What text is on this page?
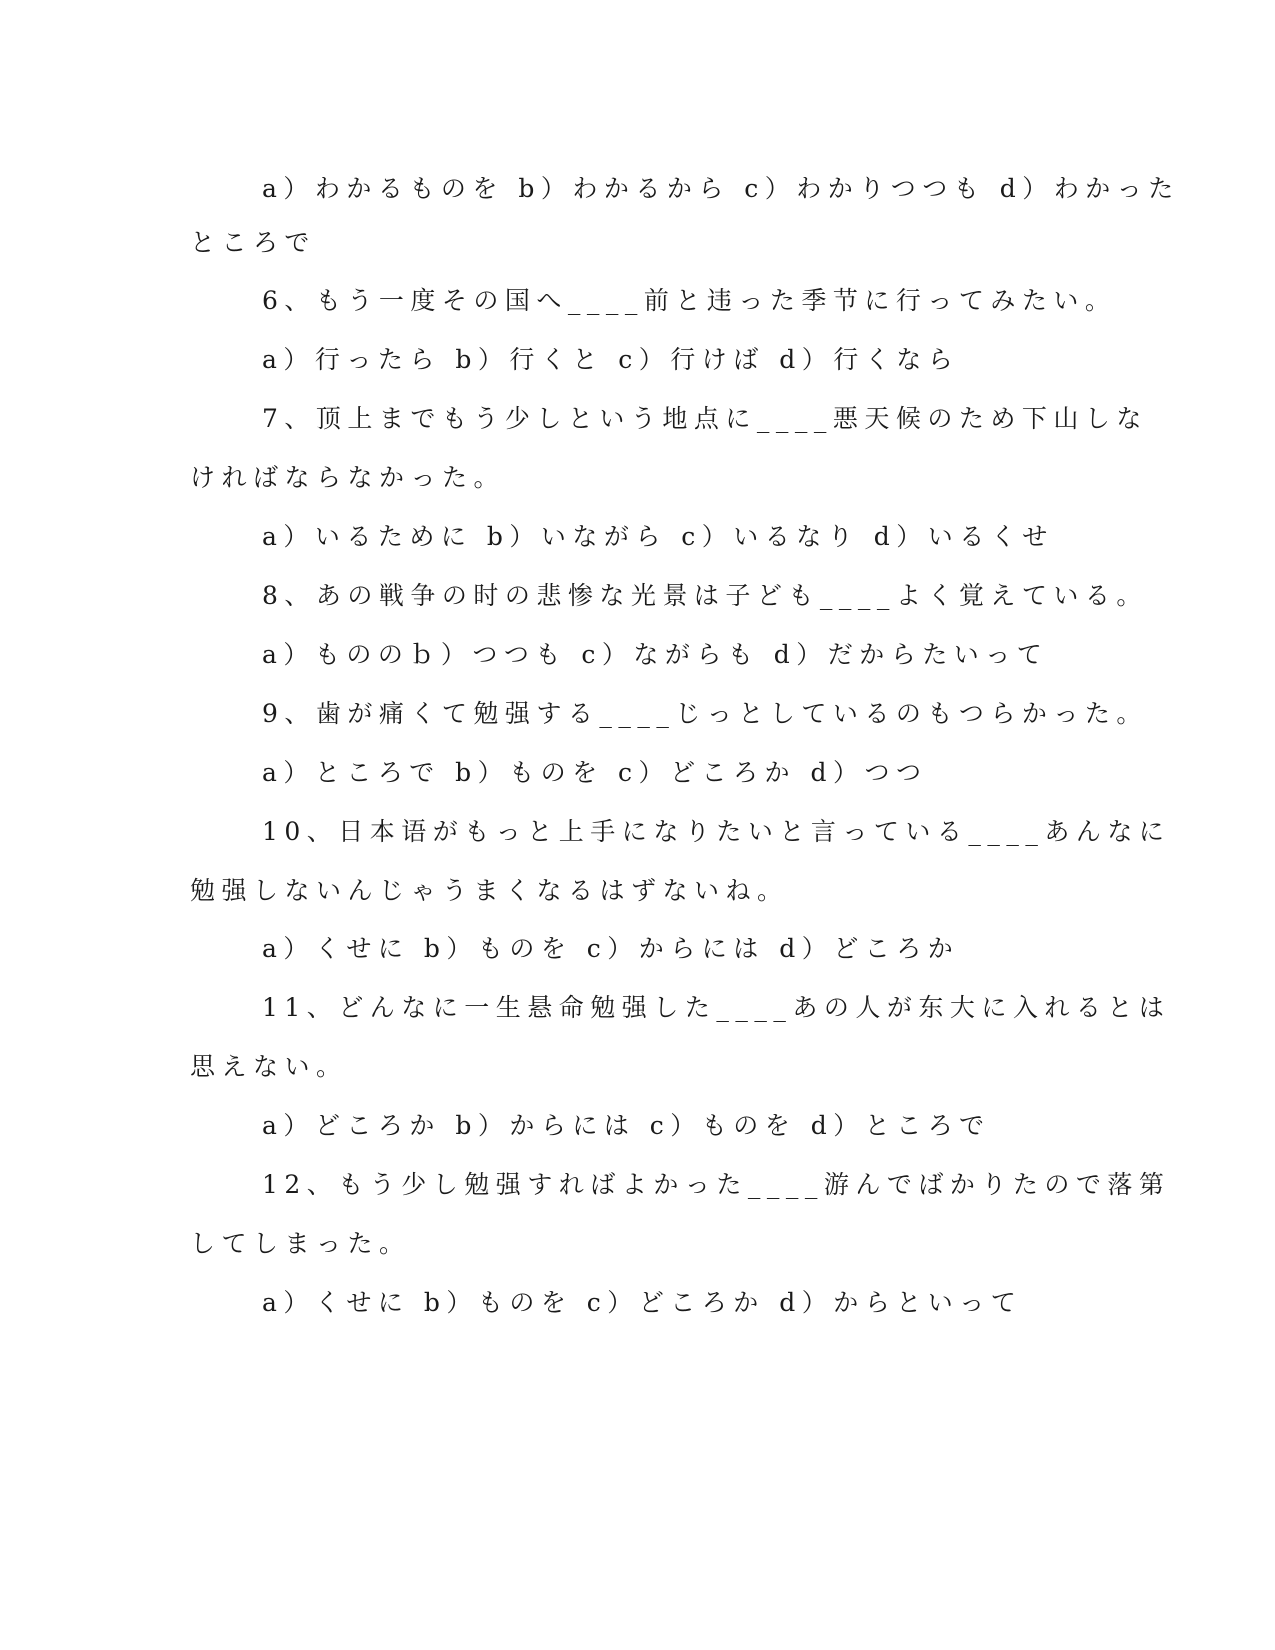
a）わかるものを b）わかるから c）わかりつつも d）わかった
ところで
6、もう一度その国へ____前と违った季节に行ってみたい。
a）行ったら b）行くと c）行けば d）行くなら
7、顶上までもう少しという地点に____悪天候のため下山しな
ければならなかった。
a）いるために b）いながら c）いるなり d）いるくせ
8、あの戦争の时の悲惨な光景は子ども____よく覚えている。
a）もののｂ）つつも c）ながらも d）だからたいって
9、歯が痛くて勉强する____じっとしているのもつらかった。
a）ところで b）ものを c）どころか d）つつ
10、日本语がもっと上手になりたいと言っている____あんなに
勉强しないんじゃうまくなるはずないね。
a）くせに b）ものを c）からには d）どころか
11、どんなに一生悬命勉强した____あの人が东大に入れるとは
思えない。
a）どころか b）からには c）ものを d）ところで
12、もう少し勉强すればよかった____游んでばかりたので落第
してしまった。
a）くせに b）ものを c）どころか d）からといって
